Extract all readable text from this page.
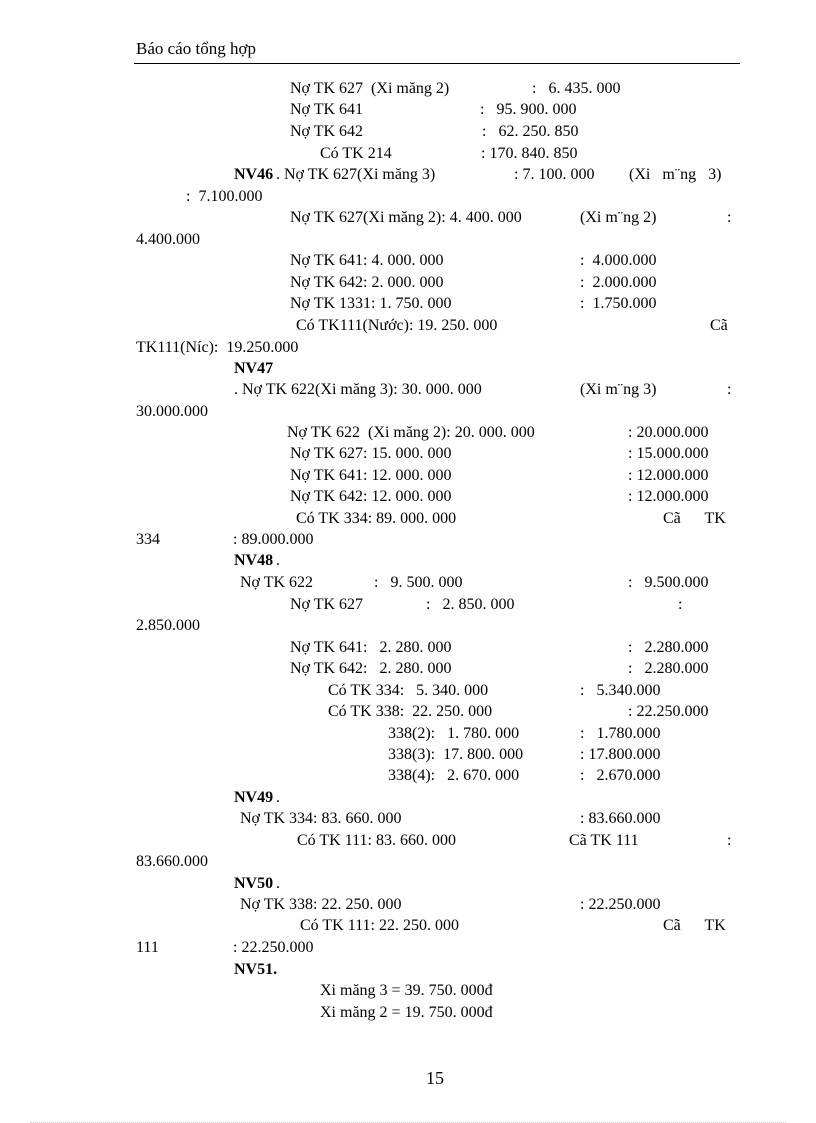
Báo cáo tổng hợp
Nợ TK 627  (Xi măng 2)	:   6. 435. 000
Nợ TK 641	:   95. 900. 000
Nợ TK 642	:   62. 250. 850
Có TK 214	: 170. 840. 850
NV46 . Nợ TK 627(Xi măng 3)	: 7. 100. 000 (Xi   m¨ng   3)
:  7.100.000
Nợ TK 627(Xi măng 2): 4. 400. 000	(Xi m¨ng 2)	:
4.400.000
Nợ TK 641: 4. 000. 000	:  4.000.000
Nợ TK 642: 2. 000. 000	:  2.000.000
Nợ TK 1331: 1. 750. 000	:  1.750.000
Có TK111(Nước): 19. 250. 000	Cã
TK111(Níc):  19.250.000
NV47
. Nợ TK 622(Xi măng 3): 30. 000. 000	(Xi m¨ng 3)	:
30.000.000
Nợ TK 622  (Xi măng 2): 20. 000. 000	: 20.000.000
Nợ TK 627: 15. 000. 000	: 15.000.000
Nợ TK 641: 12. 000. 000	: 12.000.000
Nợ TK 642: 12. 000. 000	: 12.000.000
Có TK 334: 89. 000. 000	Cã      TK
334	: 89.000.000
NV48 .
Nợ TK 622	:   9. 500. 000	:   9.500.000
Nợ TK 627	:   2. 850. 000	:
2.850.000
Nợ TK 641:   2. 280. 000	:   2.280.000
Nợ TK 642:   2. 280. 000	:   2.280.000
Có TK 334:   5. 340. 000	:   5.340.000
Có TK 338:  22. 250. 000	: 22.250.000
338(2):   1. 780. 000	:   1.780.000
338(3):  17. 800. 000	: 17.800.000
338(4):   2. 670. 000	:   2.670.000
NV49 .
Nợ TK 334: 83. 660. 000	: 83.660.000
Có TK 111: 83. 660. 000	Cã TK 111	:
83.660.000
NV50 .
Nợ TK 338: 22. 250. 000	: 22.250.000
Có TK 111: 22. 250. 000	Cã      TK
111	: 22.250.000
NV51.
Xi măng 3 = 39. 750. 000đ
Xi măng 2 = 19. 750. 000đ
15
